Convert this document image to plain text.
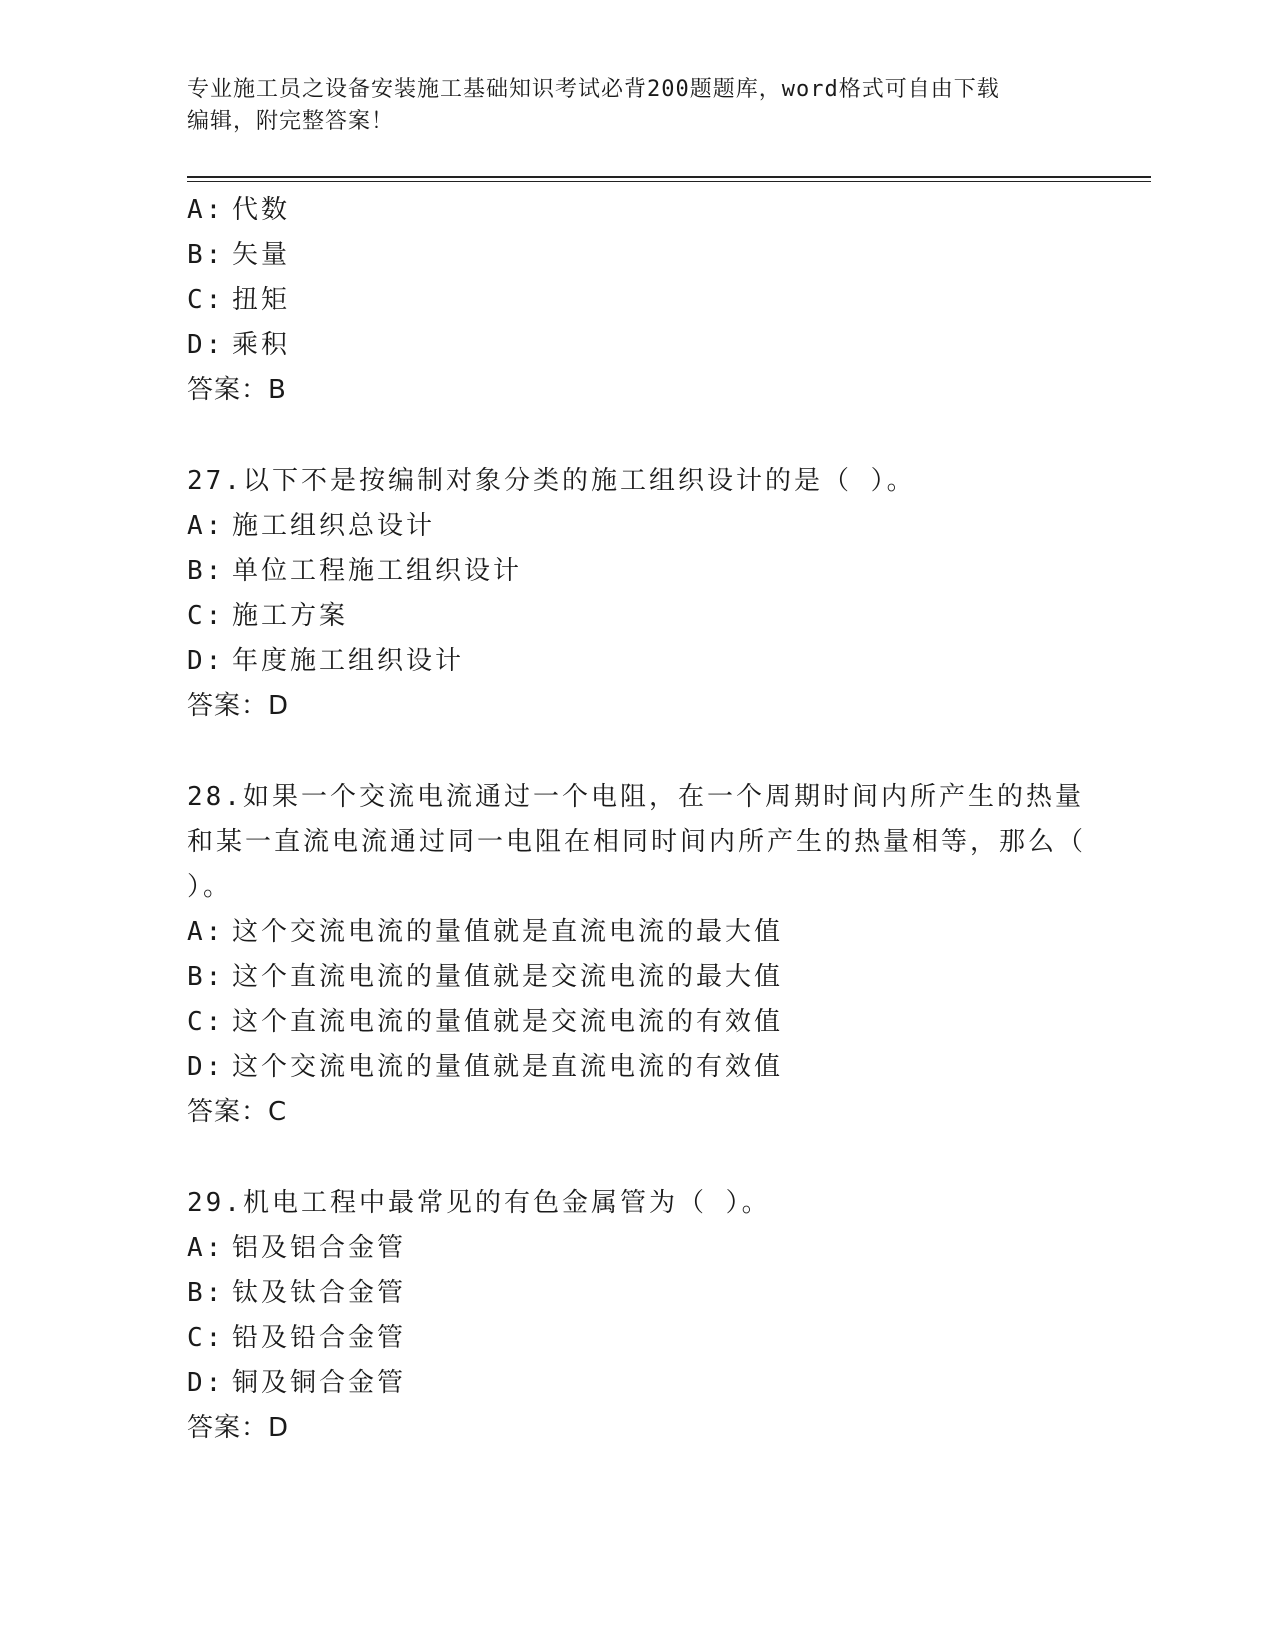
专业施工员之设备安装施工基础知识考试必背200题题库，word格式可自由下载
编辑，附完整答案！
A: 代数
B: 矢量
C: 扭矩
D: 乘积
答案：B
27.以下不是按编制对象分类的施工组织设计的是（ ）。
A: 施工组织总设计
B: 单位工程施工组织设计
C: 施工方案
D: 年度施工组织设计
答案：D
28.如果一个交流电流通过一个电阻，在一个周期时间内所产生的热量和某一直流电流通过同一电阻在相同时间内所产生的热量相等，那么（ ）。
A: 这个交流电流的量值就是直流电流的最大值
B: 这个直流电流的量值就是交流电流的最大值
C: 这个直流电流的量值就是交流电流的有效值
D: 这个交流电流的量值就是直流电流的有效值
答案：C
29.机电工程中最常见的有色金属管为（ ）。
A: 铝及铝合金管
B: 钛及钛合金管
C: 铅及铅合金管
D: 铜及铜合金管
答案：D
